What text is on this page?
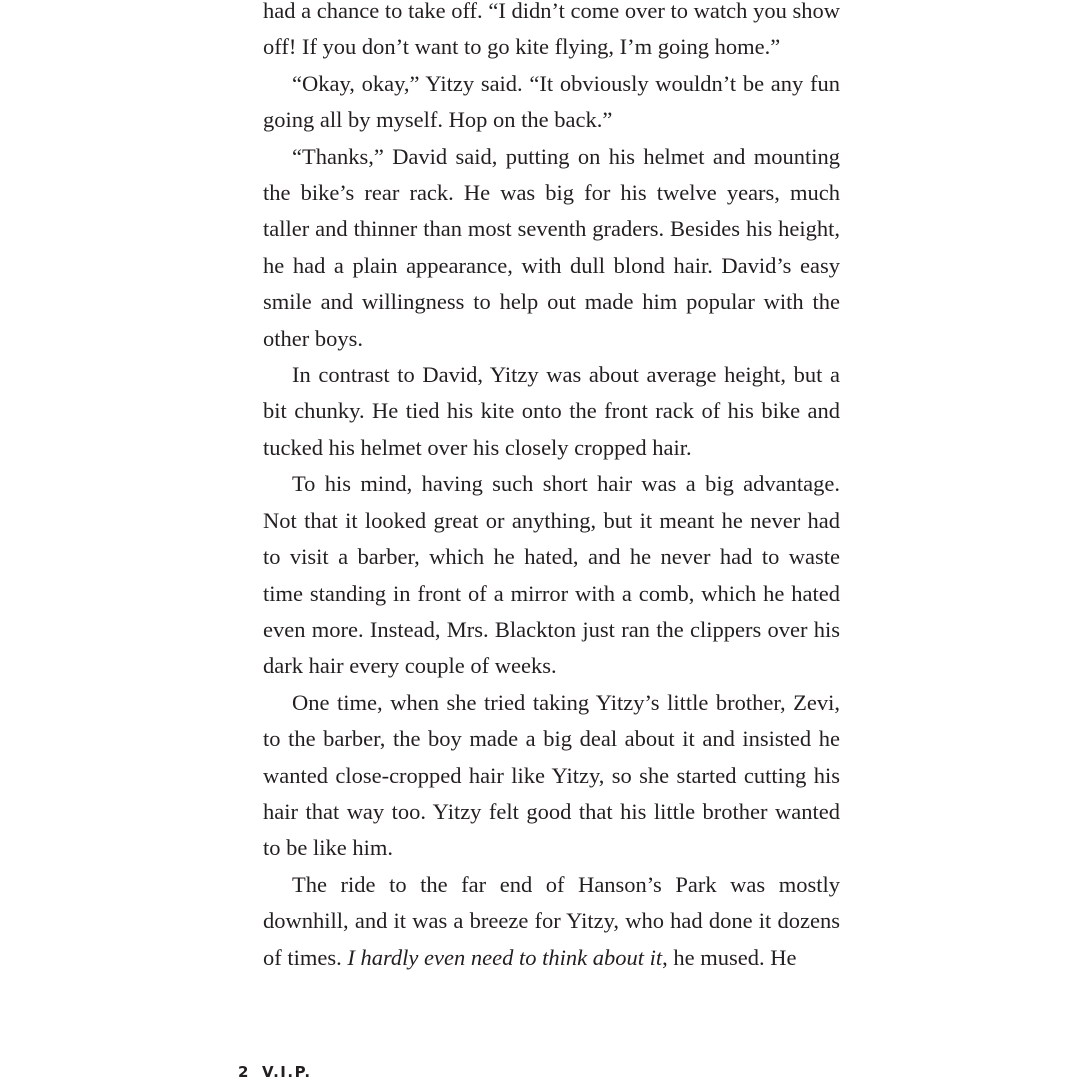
had a chance to take off. “I didn’t come over to watch you show off! If you don’t want to go kite flying, I’m going home.”

“Okay, okay,” Yitzy said. “It obviously wouldn’t be any fun going all by myself. Hop on the back.”

“Thanks,” David said, putting on his helmet and mounting the bike’s rear rack. He was big for his twelve years, much taller and thinner than most seventh graders. Besides his height, he had a plain appearance, with dull blond hair. David’s easy smile and willingness to help out made him popular with the other boys.

In contrast to David, Yitzy was about average height, but a bit chunky. He tied his kite onto the front rack of his bike and tucked his helmet over his closely cropped hair.

To his mind, having such short hair was a big advantage. Not that it looked great or anything, but it meant he never had to visit a barber, which he hated, and he never had to waste time standing in front of a mirror with a comb, which he hated even more. Instead, Mrs. Blackton just ran the clippers over his dark hair every couple of weeks.

One time, when she tried taking Yitzy’s little brother, Zevi, to the barber, the boy made a big deal about it and insisted he wanted close-cropped hair like Yitzy, so she started cutting his hair that way too. Yitzy felt good that his little brother wanted to be like him.

The ride to the far end of Hanson’s Park was mostly downhill, and it was a breeze for Yitzy, who had done it dozens of times. I hardly even need to think about it, he mused. He

2 V.I.P.
